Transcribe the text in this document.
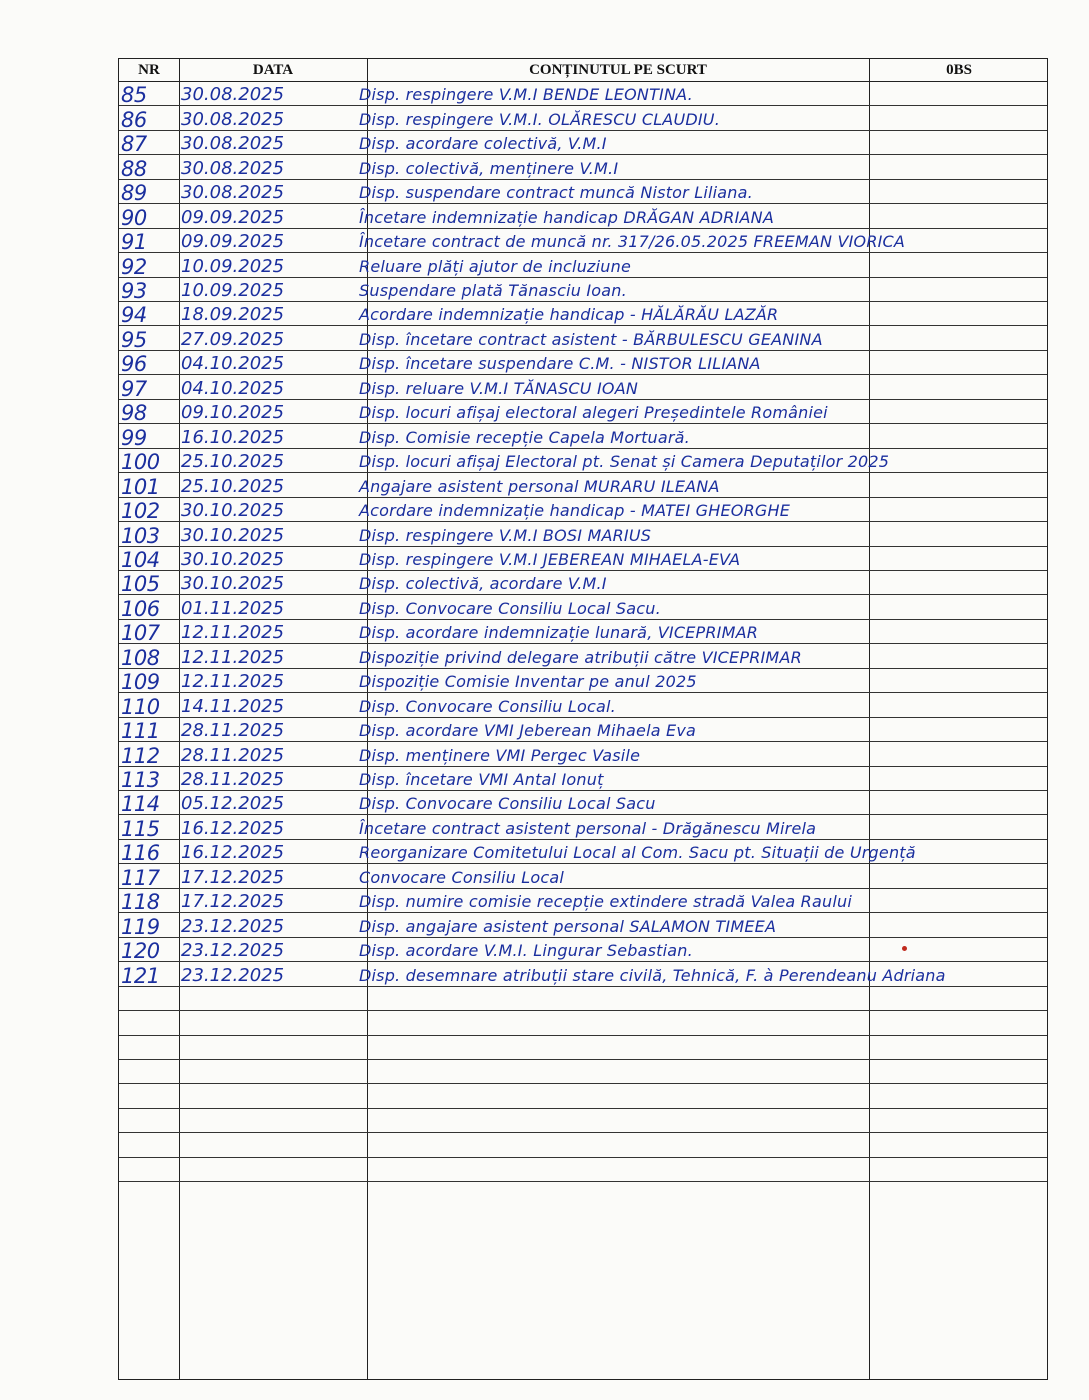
NR	DATA	CONȚINUTUL PE SCURT	0BS
85	30.08.2025	Disp. respingere V.M.I BENDE LEONTINA.
86	30.08.2025	Disp. respingere V.M.I. OLĂRESCU CLAUDIU.
87	30.08.2025	Disp. acordare colectivă, V.M.I
88	30.08.2025	Disp. colectivă, menținere V.M.I
89	30.08.2025	Disp. suspendare contract muncă Nistor Liliana.
90	09.09.2025	Încetare indemnizație handicap DRĂGAN ADRIANA
91	09.09.2025	Încetare contract de muncă nr. 317/26.05.2025 FREEMAN VIORICA
92	10.09.2025	Reluare plăți ajutor de incluziune
93	10.09.2025	Suspendare plată Tănasciu Ioan.
94	18.09.2025	Acordare indemnizație handicap - HĂLĂRĂU LAZĂR
95	27.09.2025	Disp. încetare contract asistent - BĂRBULESCU GEANINA
96	04.10.2025	Disp. încetare suspendare C.M. - NISTOR LILIANA
97	04.10.2025	Disp. reluare V.M.I TĂNASCU IOAN
98	09.10.2025	Disp. locuri afișaj electoral alegeri Președintele României
99	16.10.2025	Disp. Comisie recepție Capela Mortuară.
100	25.10.2025	Disp. locuri afișaj Electoral pt. Senat și Camera Deputaților 2025
101	25.10.2025	Angajare asistent personal MURARU ILEANA
102	30.10.2025	Acordare indemnizație handicap - MATEI GHEORGHE
103	30.10.2025	Disp. respingere V.M.I BOSI MARIUS
104	30.10.2025	Disp. respingere V.M.I JEBEREAN MIHAELA-EVA
105	30.10.2025	Disp. colectivă, acordare V.M.I
106	01.11.2025	Disp. Convocare Consiliu Local Sacu.
107	12.11.2025	Disp. acordare indemnizație lunară, VICEPRIMAR
108	12.11.2025	Dispoziție privind delegare atribuții către VICEPRIMAR
109	12.11.2025	Dispoziție Comisie Inventar pe anul 2025
110	14.11.2025	Disp. Convocare Consiliu Local.
111	28.11.2025	Disp. acordare VMI Jeberean Mihaela Eva
112	28.11.2025	Disp. menținere VMI Pergec Vasile
113	28.11.2025	Disp. încetare VMI Antal Ionuț
114	05.12.2025	Disp. Convocare Consiliu Local Sacu
115	16.12.2025	Încetare contract asistent personal - Drăgănescu Mirela
116	16.12.2025	Reorganizare Comitetului Local al Com. Sacu pt. Situații de Urgență
117	17.12.2025	Convocare Consiliu Local
118	17.12.2025	Disp. numire comisie recepție extindere stradă Valea Raului
119	23.12.2025	Disp. angajare asistent personal SALAMON TIMEEA
120	23.12.2025	Disp. acordare V.M.I. Lingurar Sebastian.
121	23.12.2025	Disp. desemnare atribuții stare civilă, Tehnică, F. à Perendeanu Adriana
